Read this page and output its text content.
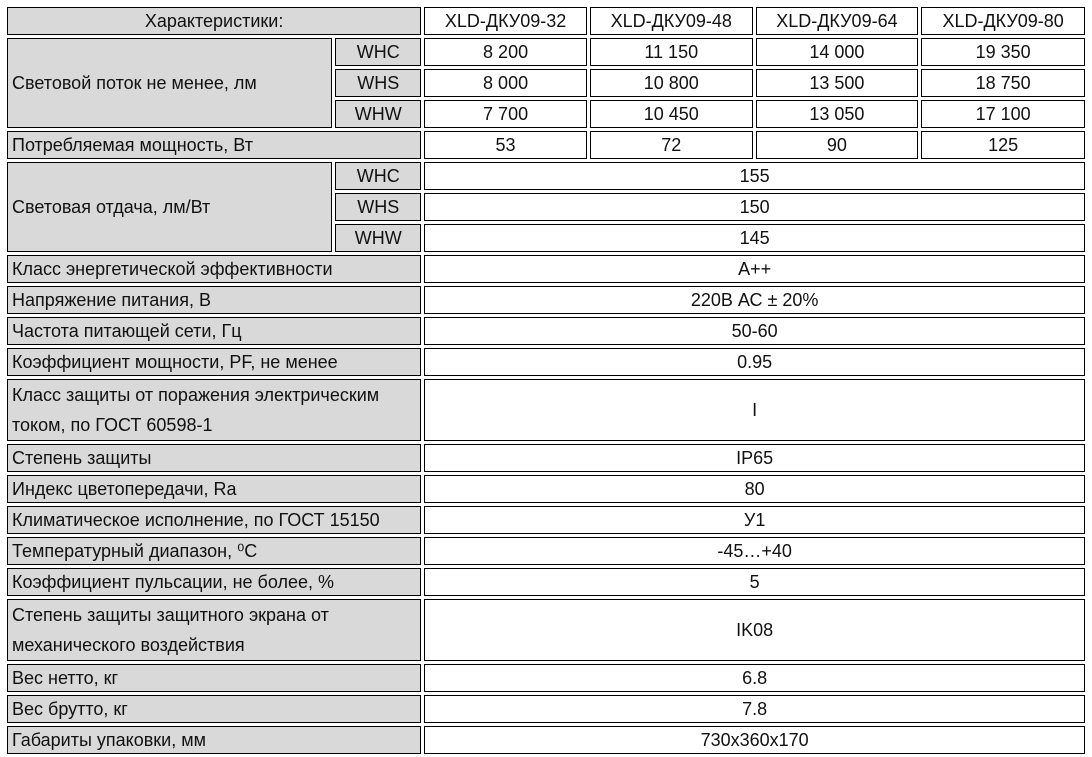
Характеристики:		XLD-ДКУ09-32	XLD-ДКУ09-48	XLD-ДКУ09-64	XLD-ДКУ09-80
Световой поток не менее, лм	WHC	8 200	11 150	14 000	19 350
	WHS	8 000	10 800	13 500	18 750
	WHW	7 700	10 450	13 050	17 100
Потребляемая мощность, Вт		53	72	90	125
Световая отдача, лм/Вт	WHC	155			
	WHS	150			
	WHW	145			
Класс энергетической эффективности		A++			
Напряжение питания, В		220В АС ± 20%			
Частота питающей сети, Гц		50-60			
Коэффициент мощности, PF, не менее		0.95			
Класс защиты от поражения электрическим током, по ГОСТ 60598-1		I			
Степень защиты		IP65			
Индекс цветопередачи, Ra		80			
Климатическое исполнение, по ГОСТ 15150		У1			
Температурный диапазон, ⁰С		-45…+40			
Коэффициент пульсации, не более, %		5			
Степень защиты защитного экрана от механического воздействия		IK08			
Вес нетто, кг		6.8			
Вес брутто, кг		7.8			
Габариты упаковки, мм		730х360х170			
